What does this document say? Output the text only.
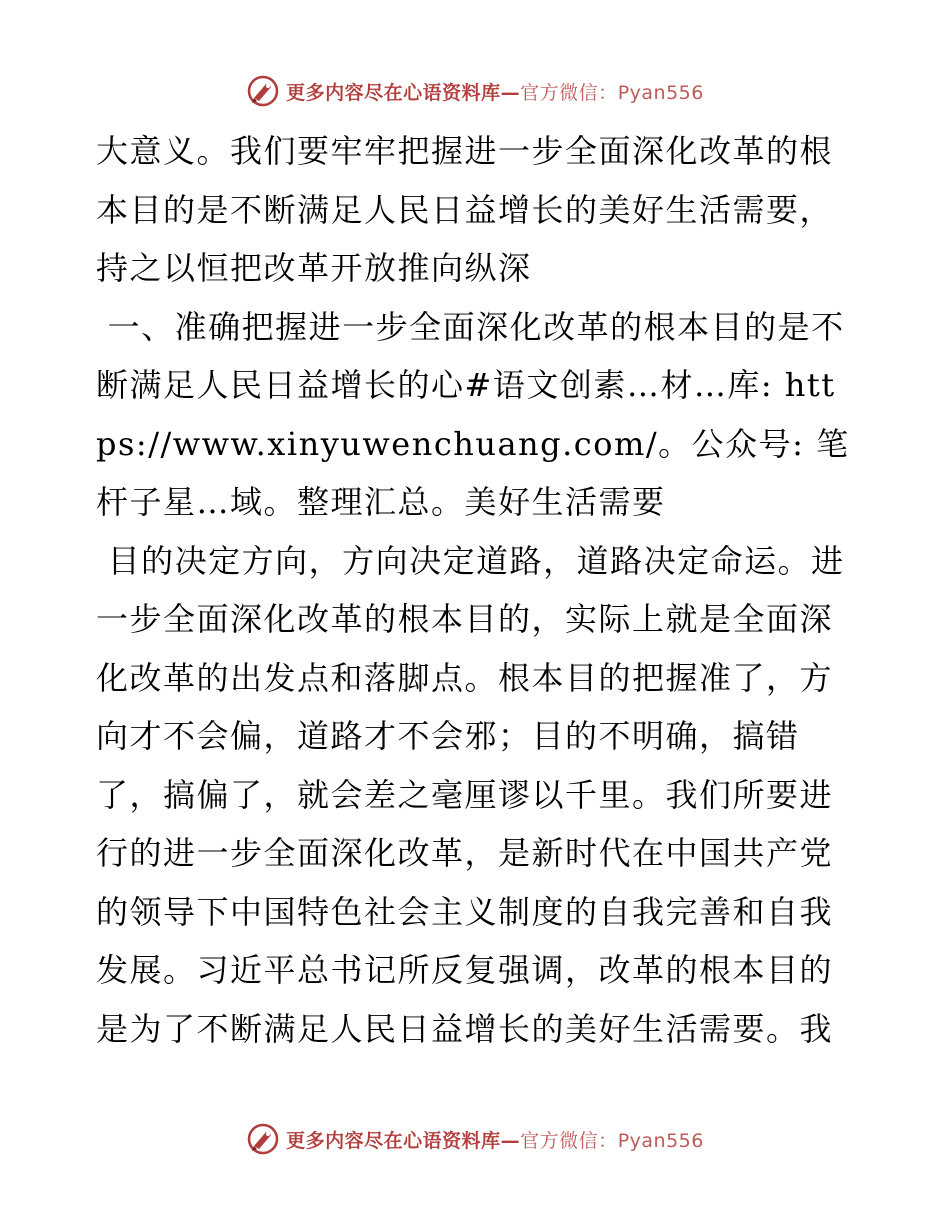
更多内容尽在心语资料库—官方微信：Pyan556

大意义。我们要牢牢把握进一步全面深化改革的根本目的是不断满足人民日益增长的美好生活需要，持之以恒把改革开放推向纵深

一、准确把握进一步全面深化改革的根本目的是不断满足人民日益增长的心#语文创素…材…库: https://www.xinyuwenchuang.com/。公众号: 笔杆子星…域。整理汇总。美好生活需要

目的决定方向，方向决定道路，道路决定命运。进一步全面深化改革的根本目的，实际上就是全面深化改革的出发点和落脚点。根本目的把握准了，方向才不会偏，道路才不会邪；目的不明确，搞错了，搞偏了，就会差之毫厘谬以千里。我们所要进行的进一步全面深化改革，是新时代在中国共产党的领导下中国特色社会主义制度的自我完善和自我发展。习近平总书记所反复强调，改革的根本目的是为了不断满足人民日益增长的美好生活需要。我

更多内容尽在心语资料库—官方微信：Pyan556
